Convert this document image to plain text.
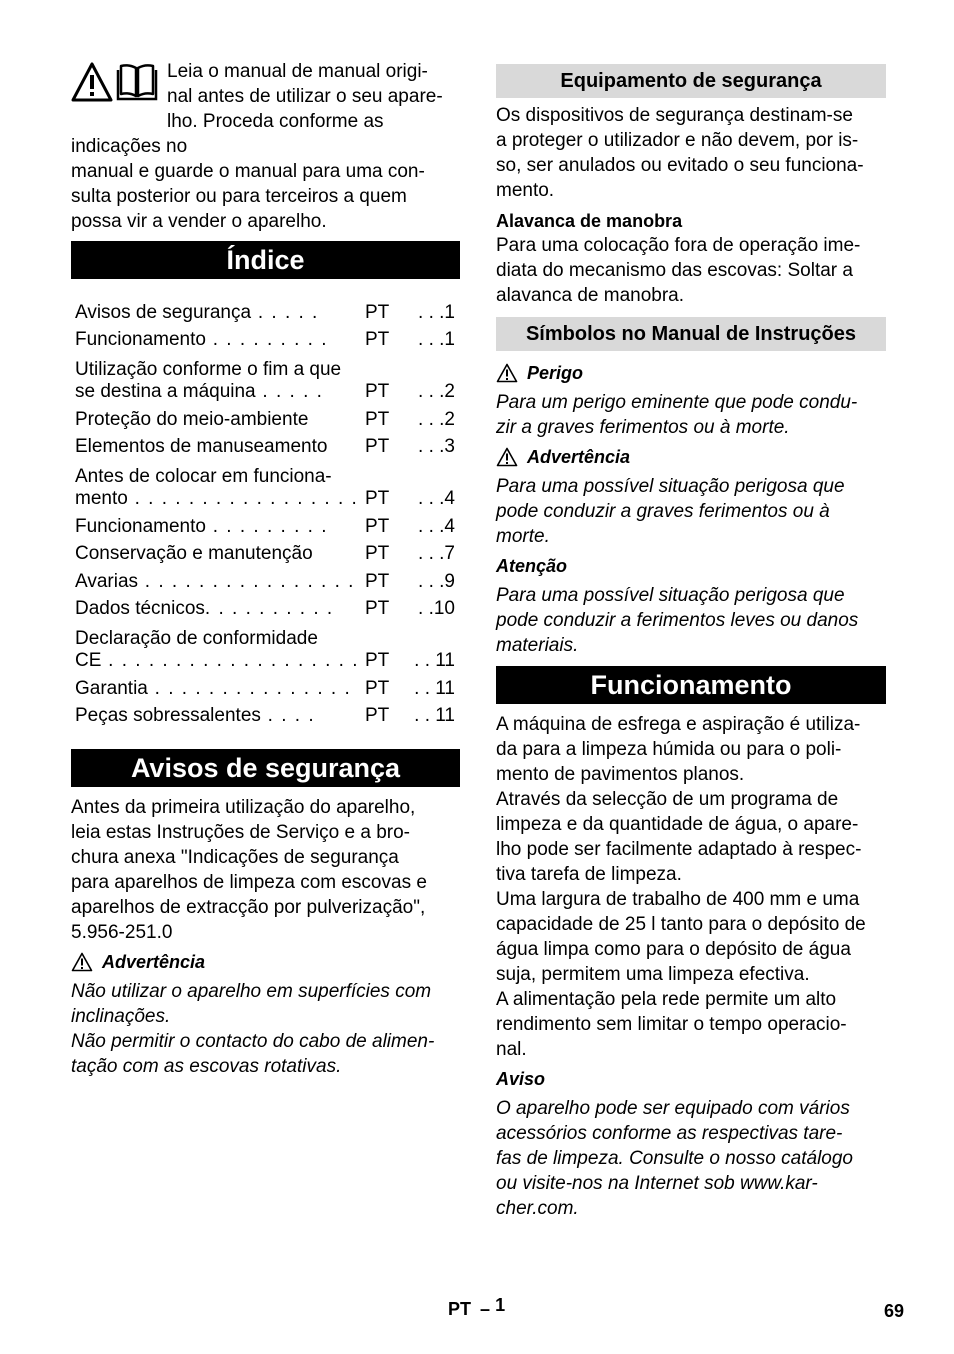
Leia o manual de manual origi-
nal antes de utilizar o seu apare-
lho. Proceda conforme as indicações no
manual e guarde o manual para uma con-
sulta posterior ou para terceiros a quem
possa vir a vender o aparelho.
Índice
Avisos de segurança . . . . .	PT	. . .1
Funcionamento . . . . . . . . .	PT	. . .1
Utilização conforme o fim a que
se destina a máquina . . . . .	PT	. . .2
Proteção do meio-ambiente	PT	. . .2
Elementos de manuseamento	PT	. . .3
Antes de colocar em funciona-
mento . . . . . . . . . . . . . . . . . PT	. . .4
Funcionamento . . . . . . . . .	PT	. . .4
Conservação e manutenção	PT	. . .7
Avarias . . . . . . . . . . . . . . . . PT	. . .9
Dados técnicos. . . . . . . . . .	PT	. .10
Declaração de conformidade
CE . . . . . . . . . . . . . . . . . . . PT	. . 11
Garantia . . . . . . . . . . . . . . . PT	. . 11
Peças sobressalentes . . . .	PT	. . 11
Avisos de segurança
Antes da primeira utilização do aparelho,
leia estas Instruções de Serviço e a bro-
chura anexa "Indicações de segurança
para aparelhos de limpeza com escovas e
aparelhos de extracção por pulverização",
5.956-251.0
Advertência
Não utilizar o aparelho em superfícies com
inclinações.
Não permitir o contacto do cabo de alimen-
tação com as escovas rotativas.
Equipamento de segurança
Os dispositivos de segurança destinam-se
a proteger o utilizador e não devem, por is-
so, ser anulados ou evitado o seu funciona-
mento.
Alavanca de manobra
Para uma colocação fora de operação ime-
diata do mecanismo das escovas: Soltar a
alavanca de manobra.
Símbolos no Manual de Instruções
Perigo
Para um perigo eminente que pode condu-
zir a graves ferimentos ou à morte.
Advertência
Para uma possível situação perigosa que
pode conduzir a graves ferimentos ou à
morte.
Atenção
Para uma possível situação perigosa que
pode conduzir a ferimentos leves ou danos
materiais.
Funcionamento
A máquina de esfrega e aspiração é utiliza-
da para a limpeza húmida ou para o poli-
mento de pavimentos planos.
Através da selecção de um programa de
limpeza e da quantidade de água, o apare-
lho pode ser facilmente adaptado à respec-
tiva tarefa de limpeza.
Uma largura de trabalho de 400 mm e uma
capacidade de 25 l tanto para o depósito de
água limpa como para o depósito de água
suja, permitem uma limpeza efectiva.
A alimentação pela rede permite um alto
rendimento sem limitar o tempo operacio-
nal.
Aviso
O aparelho pode ser equipado com vários
acessórios conforme as respectivas tare-
fas de limpeza. Consulte o nosso catálogo
ou visite-nos na Internet sob www.kar-
cher.com.
PT – 1	69
